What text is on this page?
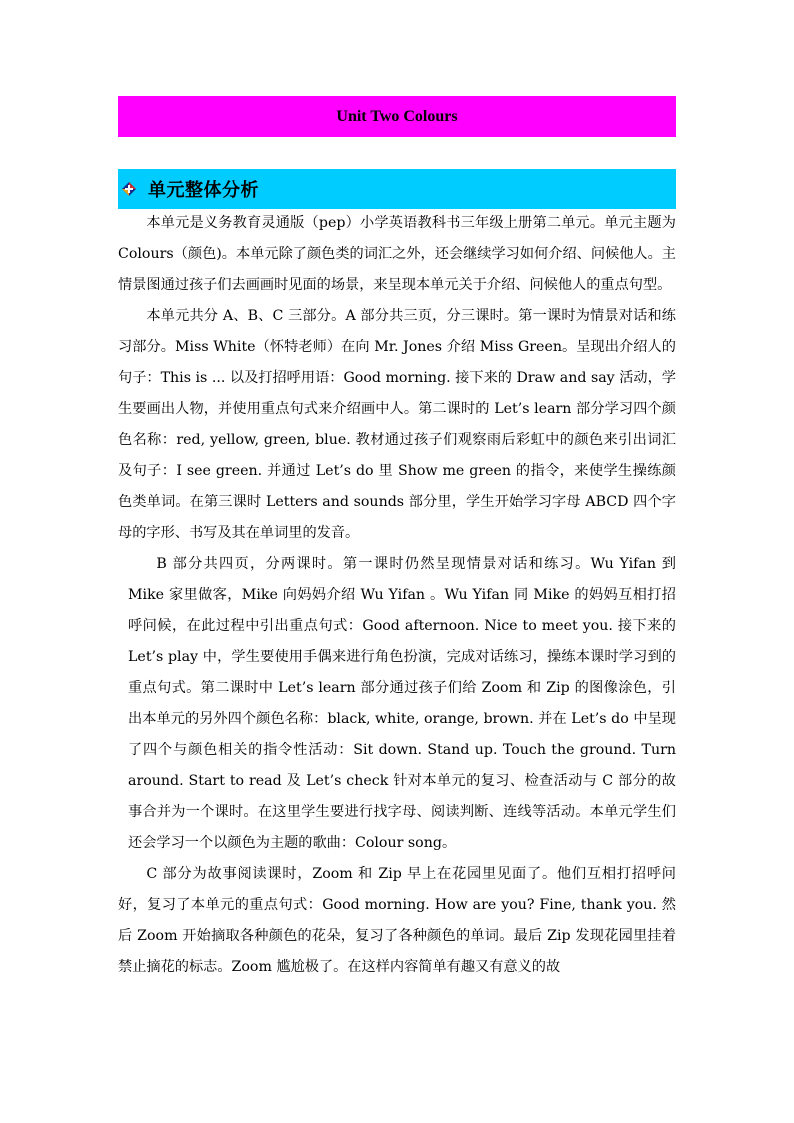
Unit Two Colours
单元整体分析

本单元是义务教育灵通版（pep）小学英语教科书三年级上册第二单元。单元主题为 Colours（颜色)。本单元除了颜色类的词汇之外，还会继续学习如何介绍、问候他人。主情景图通过孩子们去画画时见面的场景，来呈现本单元关于介绍、问候他人的重点句型。

本单元共分 A、B、C 三部分。A 部分共三页，分三课时。第一课时为情景对话和练习部分。Miss White（怀特老师）在向 Mr. Jones 介绍 Miss Green。呈现出介绍人的句子：This is ... 以及打招呼用语：Good morning. 接下来的 Draw and say 活动，学生要画出人物，并使用重点句式来介绍画中人。第二课时的 Let’s learn 部分学习四个颜色名称：red, yellow, green, blue. 教材通过孩子们观察雨后彩虹中的颜色来引出词汇及句子：I see green. 并通过 Let’s do 里 Show me green 的指令，来使学生操练颜色类单词。在第三课时 Letters and sounds 部分里，学生开始学习字母 ABCD 四个字母的字形、书写及其在单词里的发音。

B 部分共四页，分两课时。第一课时仍然呈现情景对话和练习。Wu Yifan 到 Mike 家里做客，Mike 向妈妈介绍 Wu Yifan 。Wu Yifan 同 Mike 的妈妈互相打招呼问候，在此过程中引出重点句式：Good afternoon. Nice to meet you. 接下来的 Let’s play 中，学生要使用手偶来进行角色扮演，完成对话练习，操练本课时学习到的重点句式。第二课时中 Let’s learn 部分通过孩子们给 Zoom 和 Zip 的图像涂色，引出本单元的另外四个颜色名称：black, white, orange, brown. 并在 Let’s do 中呈现了四个与颜色相关的指令性活动：Sit down. Stand up. Touch the ground. Turn around. Start to read 及 Let’s check 针对本单元的复习、检查活动与 C 部分的故事合并为一个课时。在这里学生要进行找字母、阅读判断、连线等活动。本单元学生们还会学习一个以颜色为主题的歌曲：Colour song。

C 部分为故事阅读课时，Zoom 和 Zip 早上在花园里见面了。他们互相打招呼问好，复习了本单元的重点句式：Good morning. How are you? Fine, thank you. 然后 Zoom 开始摘取各种颜色的花朵，复习了各种颜色的单词。最后 Zip 发现花园里挂着禁止摘花的标志。Zoom 尴尬极了。在这样内容简单有趣又有意义的故
